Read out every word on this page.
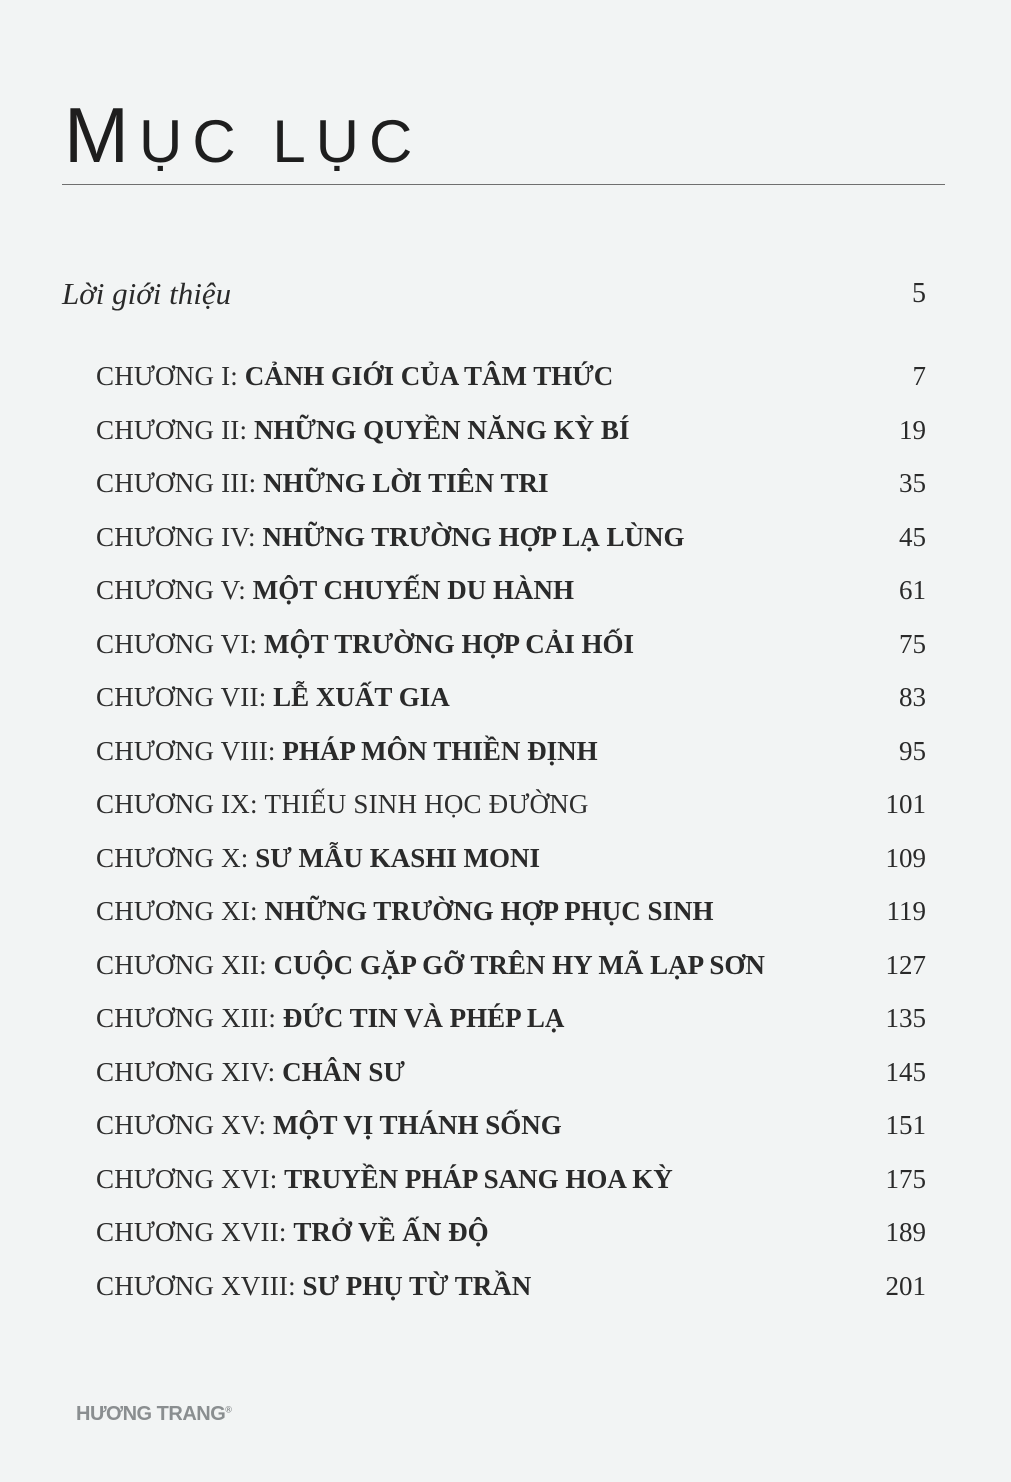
MỤC LỤC
Lời giới thiệu	5
CHƯƠNG I: CẢNH GIỚI CỦA TÂM THỨC	7
CHƯƠNG II: NHỮNG QUYỀN NĂNG KỲ BÍ	19
CHƯƠNG III: NHỮNG LỜI TIÊN TRI	35
CHƯƠNG IV: NHỮNG TRƯỜNG HỢP LẠ LÙNG	45
CHƯƠNG V: MỘT CHUYẾN DU HÀNH	61
CHƯƠNG VI: MỘT TRƯỜNG HỢP CẢI HỐI	75
CHƯƠNG VII: LỄ XUẤT GIA	83
CHƯƠNG VIII: PHÁP MÔN THIỀN ĐỊNH	95
CHƯƠNG IX: THIẾU SINH HỌC ĐƯỜNG	101
CHƯƠNG X: SƯ MẪU KASHI MONI	109
CHƯƠNG XI: NHỮNG TRƯỜNG HỢP PHỤC SINH	119
CHƯƠNG XII: CUỘC GẶP GỠ TRÊN HY MÃ LẠP SƠN	127
CHƯƠNG XIII: ĐỨC TIN VÀ PHÉP LẠ	135
CHƯƠNG XIV: CHÂN SƯ	145
CHƯƠNG XV: MỘT VỊ THÁNH SỐNG	151
CHƯƠNG XVI: TRUYỀN PHÁP SANG HOA KỲ	175
CHƯƠNG XVII: TRỞ VỀ ẤN ĐỘ	189
CHƯƠNG XVIII: SƯ PHỤ TỪ TRẦN	201
HƯƠNG TRANG®
